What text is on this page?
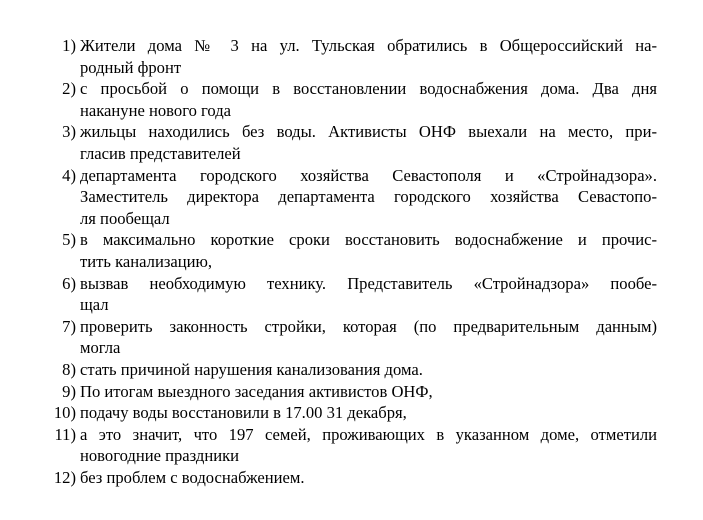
1) Жители дома № 3 на ул. Тульская обратились в Общероссийский на-
родный фронт
2) с просьбой о помощи в восстановлении водоснабжения дома. Два дня
накануне нового года
3) жильцы находились без воды. Активисты ОНФ выехали на место, при-
гласив представителей
4) департамента городского хозяйства Севастополя и «Стройнадзора».
Заместитель директора департамента городского хозяйства Севастопо-
ля пообещал
5) в максимально короткие сроки восстановить водоснабжение и прочис-
тить канализацию,
6) вызвав необходимую технику. Представитель «Стройнадзора» пообе-
щал
7) проверить законность стройки, которая (по предварительным данным)
могла
8) стать причиной нарушения канализования дома.
9) По итогам выездного заседания активистов ОНФ,
10) подачу воды восстановили в 17.00 31 декабря,
11) а это значит, что 197 семей, проживающих в указанном доме, отметили
новогодние праздники
12) без проблем с водоснабжением.
